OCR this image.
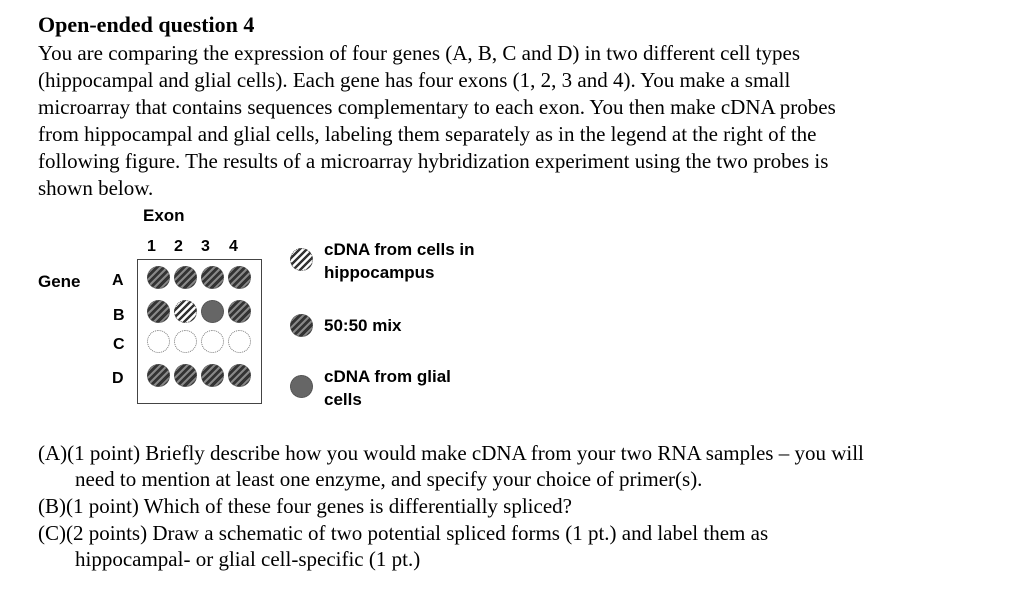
Open-ended question 4
You are comparing the expression of four genes (A, B, C and D) in two different cell types
(hippocampal and glial cells). Each gene has four exons (1, 2, 3 and 4). You make a small
microarray that contains sequences complementary to each exon. You then make cDNA probes
from hippocampal and glial cells, labeling them separately as in the legend at the right of the
following figure. The results of a microarray hybridization experiment using the two probes is
shown below.
Exon
1 2 3 4
Gene A
B
C
D
cDNA from cells in
hippocampus
50:50 mix
cDNA from glial
cells
(A)(1 point) Briefly describe how you would make cDNA from your two RNA samples – you will
need to mention at least one enzyme, and specify your choice of primer(s).
(B)(1 point) Which of these four genes is differentially spliced?
(C)(2 points) Draw a schematic of two potential spliced forms (1 pt.) and label them as
hippocampal- or glial cell-specific (1 pt.)
